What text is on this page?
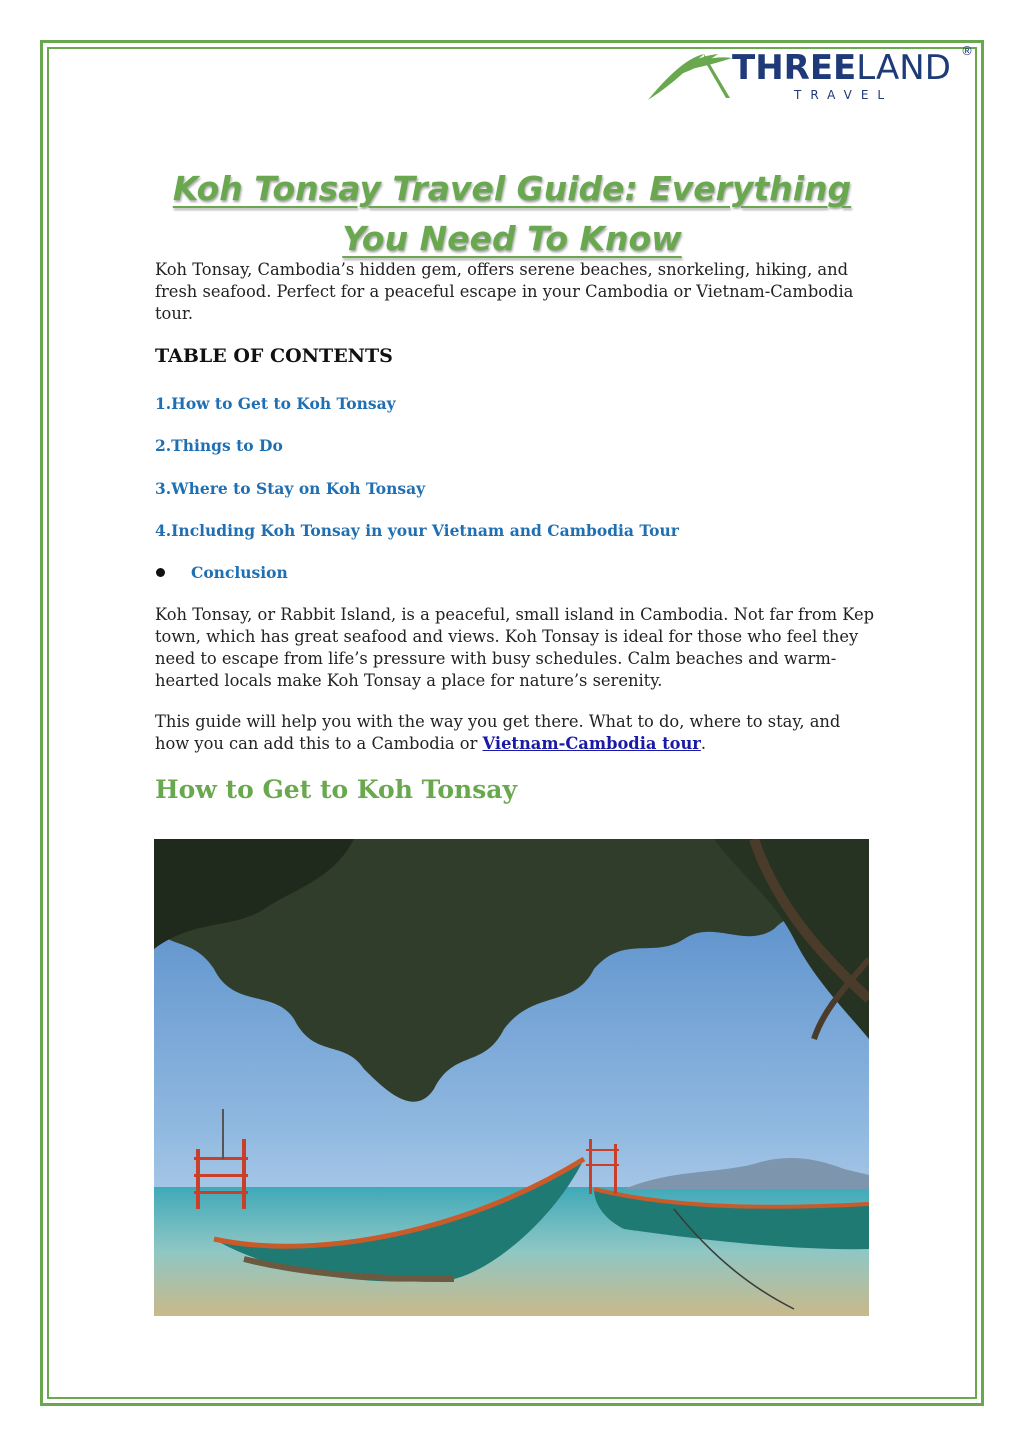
THREELAND ®
TRAVEL
Koh Tonsay Travel Guide: Everything You Need To Know
Koh Tonsay, Cambodia’s hidden gem, offers serene beaches, snorkeling, hiking, and fresh seafood. Perfect for a peaceful escape in your Cambodia or Vietnam-Cambodia tour.
TABLE OF CONTENTS
1.How to Get to Koh Tonsay
2.Things to Do
3.Where to Stay on Koh Tonsay
4.Including Koh Tonsay in your Vietnam and Cambodia Tour
Conclusion
Koh Tonsay, or Rabbit Island, is a peaceful, small island in Cambodia. Not far from Kep town, which has great seafood and views. Koh Tonsay is ideal for those who feel they need to escape from life’s pressure with busy schedules. Calm beaches and warm-hearted locals make Koh Tonsay a place for nature’s serenity.
This guide will help you with the way you get there. What to do, where to stay, and how you can add this to a Cambodia or Vietnam-Cambodia tour.
How to Get to Koh Tonsay
